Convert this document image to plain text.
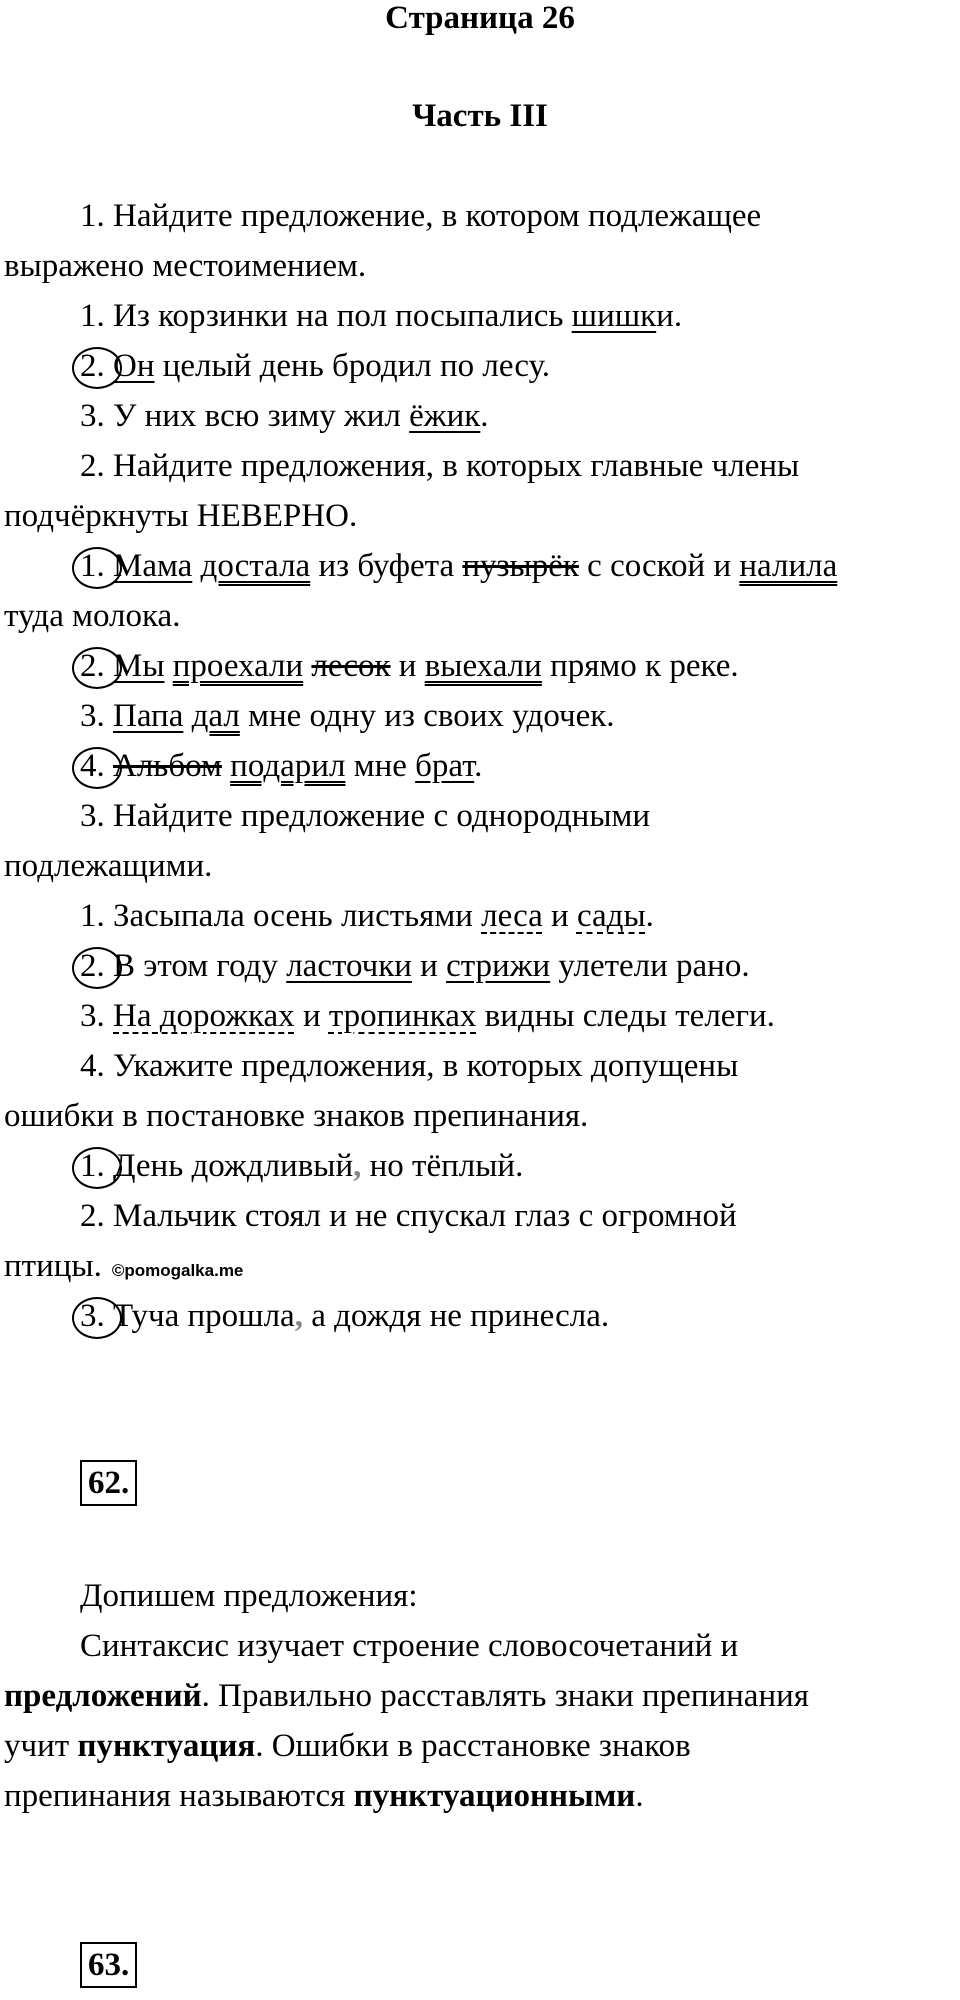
Страница 26
Часть III
1. Найдите предложение, в котором подлежащее
выражено местоимением.
1. Из корзинки на пол посыпались шишки.
2. Он целый день бродил по лесу.
3. У них всю зиму жил ёжик.
2. Найдите предложения, в которых главные члены
подчёркнуты НЕВЕРНО.
1. Мама достала из буфета пузырёк с соской и налила
туда молока.
2. Мы проехали лесок и выехали прямо к реке.
3. Папа дал мне одну из своих удочек.
4. Альбом подарил мне брат.
3. Найдите предложение с однородными
подлежащими.
1. Засыпала осень листьями леса и сады.
2. В этом году ласточки и стрижи улетели рано.
3. На дорожках и тропинках видны следы телеги.
4. Укажите предложения, в которых допущены
ошибки в постановке знаков препинания.
1. День дождливый, но тёплый.
2. Мальчик стоял и не спускал глаз с огромной
птицы. ©pomogalka.me
3. Туча прошла, а дождя не принесла.
62.
Допишем предложения:
Синтаксис изучает строение словосочетаний и
предложений. Правильно расставлять знаки препинания
учит пунктуация. Ошибки в расстановке знаков
препинания называются пунктуационными.
63.
